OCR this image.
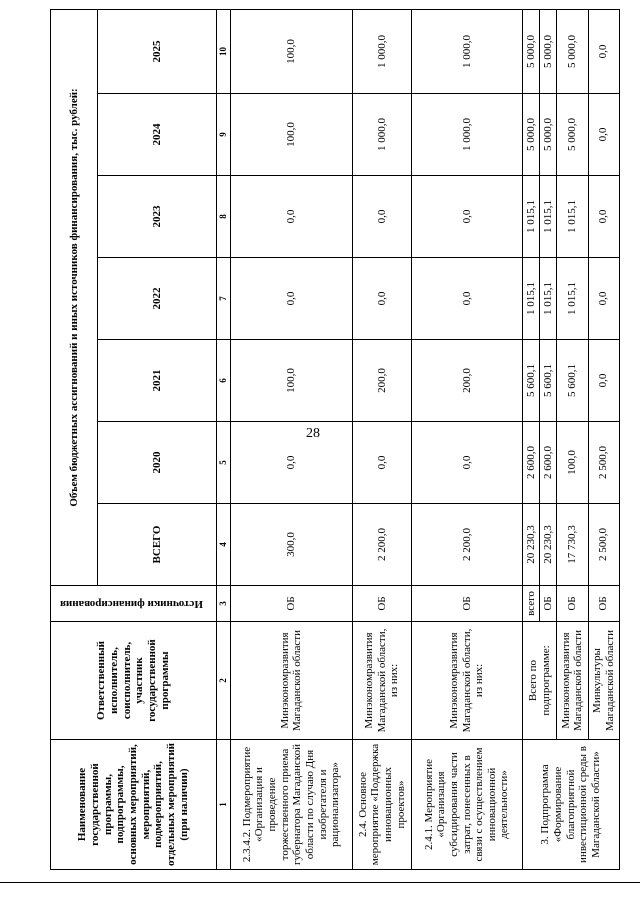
28
Наименование государственной программы, подпрограммы, основных мероприятий, мероприятий, подмероприятий, отдельных мероприятий (при наличии)	Ответственный исполнитель, соисполнитель, участник государственной программы	Источники финансирования	Объем бюджетных ассигнований и иных источников финансирования, тыс. рублей:						
			ВСЕГО	2020	2021	2022	2023	2024	2025
1	2	3	4	5	6	7	8	9	10
2.3.4.2. Подмероприятие «Организация и проведение торжественного приема губернатора Магаданской области по случаю Дня изобретателя и рационализатора»	Минэкономразвития Магаданской области	ОБ	300,0	0,0	100,0	0,0	0,0	100,0	100,0
2.4. Основное мероприятие «Поддержка инновационных проектов»	Минэкономразвития Магаданской области, из них:	ОБ	2 200,0	0,0	200,0	0,0	0,0	1 000,0	1 000,0
2.4.1. Мероприятие «Организация субсидирования части затрат, понесенных в связи с осуществлением инновационной деятельности»	Минэкономразвития Магаданской области, из них:	ОБ	2 200,0	0,0	200,0	0,0	0,0	1 000,0	1 000,0
3. Подпрограмма «Формирование благоприятной инвестиционной среды в Магаданской области»	Всего по подпрограмме:	всего	20 230,3	2 600,0	5 600,1	1 015,1	1 015,1	5 000,0	5 000,0
		ОБ	20 230,3	2 600,0	5 600,1	1 015,1	1 015,1	5 000,0	5 000,0
	Минэкономразвития Магаданской области	ОБ	17 730,3	100,0	5 600,1	1 015,1	1 015,1	5 000,0	5 000,0
	Минкультуры Магаданской области	ОБ	2 500,0	2 500,0	0,0	0,0	0,0	0,0	0,0
